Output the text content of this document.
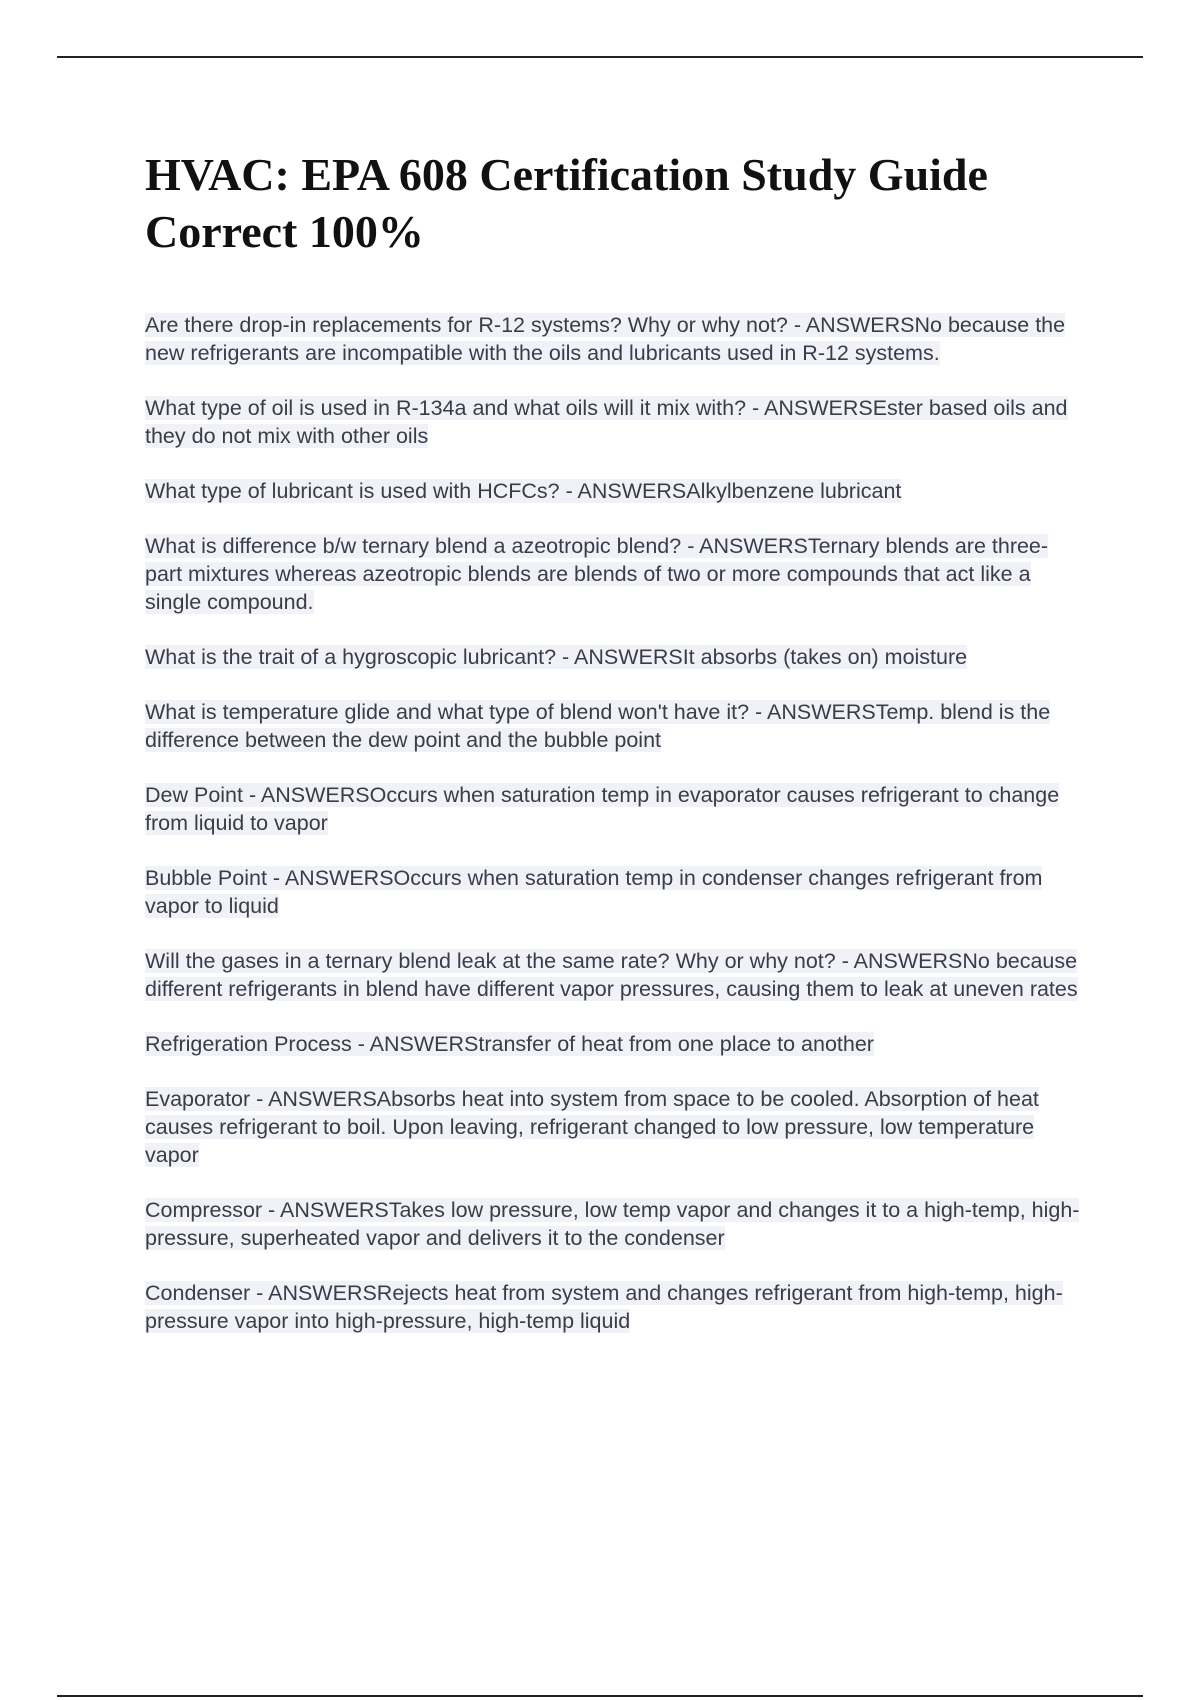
HVAC: EPA 608 Certification Study Guide Correct 100%
Are there drop-in replacements for R-12 systems? Why or why not? - ANSWERSNo because the new refrigerants are incompatible with the oils and lubricants used in R-12 systems.
What type of oil is used in R-134a and what oils will it mix with? - ANSWERSEster based oils and they do not mix with other oils
What type of lubricant is used with HCFCs? - ANSWERSAlkylbenzene lubricant
What is difference b/w ternary blend a azeotropic blend? - ANSWERSTernary blends are three-part mixtures whereas azeotropic blends are blends of two or more compounds that act like a single compound.
What is the trait of a hygroscopic lubricant? - ANSWERSIt absorbs (takes on) moisture
What is temperature glide and what type of blend won't have it? - ANSWERSTemp. blend is the difference between the dew point and the bubble point
Dew Point - ANSWERSOccurs when saturation temp in evaporator causes refrigerant to change from liquid to vapor
Bubble Point - ANSWERSOccurs when saturation temp in condenser changes refrigerant from vapor to liquid
Will the gases in a ternary blend leak at the same rate? Why or why not? - ANSWERSNo because different refrigerants in blend have different vapor pressures, causing them to leak at uneven rates
Refrigeration Process - ANSWERStransfer of heat from one place to another
Evaporator - ANSWERSAbsorbs heat into system from space to be cooled. Absorption of heat causes refrigerant to boil. Upon leaving, refrigerant changed to low pressure, low temperature vapor
Compressor - ANSWERSTakes low pressure, low temp vapor and changes it to a high-temp, high-pressure, superheated vapor and delivers it to the condenser
Condenser - ANSWERSRejects heat from system and changes refrigerant from high-temp, high-pressure vapor into high-pressure, high-temp liquid
